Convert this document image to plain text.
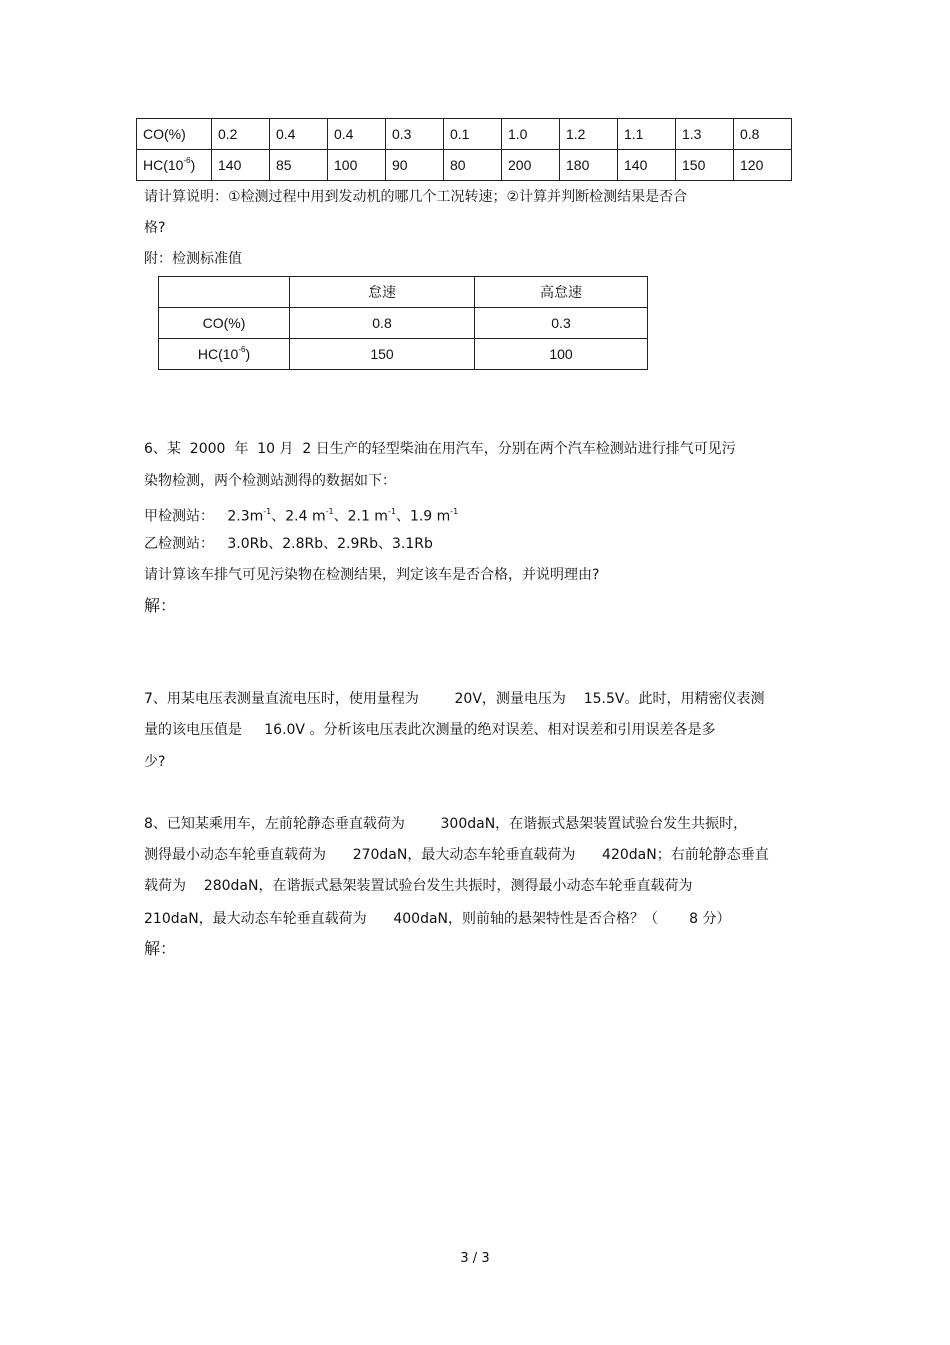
CO(%)	0.2	0.4	0.4	0.3	0.1	1.0	1.2	1.1	1.3	0.8
$HC(10^{-6})$	140	85	100	90	80	200	180	140	150	120
请计算说明：①检测过程中用到发动机的哪几个工况转速；②计算并判断检测结果是否合
格?
附：检测标准值
	怠速	高怠速
CO(%)	0.8	0.3
$HC(10^{-6})$	150	100
6、某  2000  年  10 月  2 日生产的轻型柴油在用汽车，分别在两个汽车检测站进行排气可见污
染物检测，两个检测站测得的数据如下：
甲检测站： $2.3m^{-1}$、2.4 $m^{-1}$、2.1 $m^{-1}$、1.9 $m^{-1}$
乙检测站： 3.0Rb、2.8Rb、2.9Rb、3.1Rb
请计算该车排气可见污染物在检测结果，判定该车是否合格，并说明理由?
解：
7、用某电压表测量直流电压时，使用量程为        20V，测量电压为    15.5V。此时，用精密仪表测
量的该电压值是     16.0V 。分析该电压表此次测量的绝对误差、相对误差和引用误差各是多
少?
8、已知某乘用车，左前轮静态垂直载荷为        300daN，在谐振式悬架装置试验台发生共振时，
测得最小动态车轮垂直载荷为      270daN，最大动态车轮垂直载荷为      420daN；右前轮静态垂直
载荷为    280daN，在谐振式悬架装置试验台发生共振时，测得最小动态车轮垂直载荷为
210daN，最大动态车轮垂直载荷为      400daN，则前轴的悬架特性是否合格？（       8 分）
解：
3 / 3
